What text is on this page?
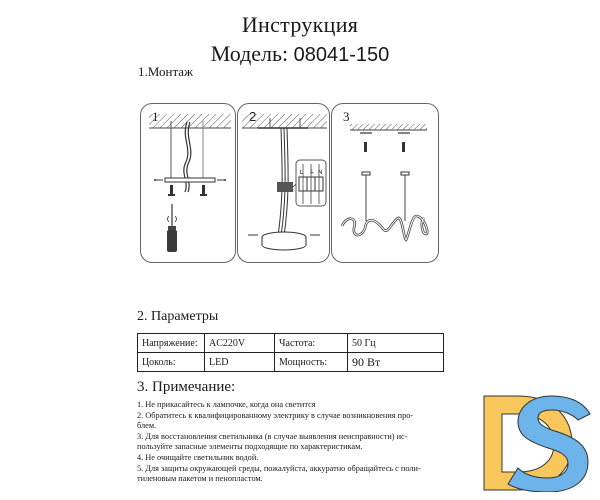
Инструкция
Модель: 08041-150
1.Монтаж
L ⏚ N
3
2. Параметры
Напряжение:	AC220V	Частота:	50 Гц
Цоколь:	LED	Мощность:	90 Вт
3. Примечание:
1. Не прикасайтесь к лампочке, когда она светится
2. Обратитесь к квалифицированному электрику в случае возникновения про-
блем.
3. Для восстановления светильника (в случае выявления неисправности) ис-
пользуйте запасные элементы подходящие по характеристикам.
4. Не очищайте светильник водой.
5. Для защиты окружающей среды, пожалуйста, аккуратно обращайтесь с поли-
тиленовым пакетом и пенопластом.
